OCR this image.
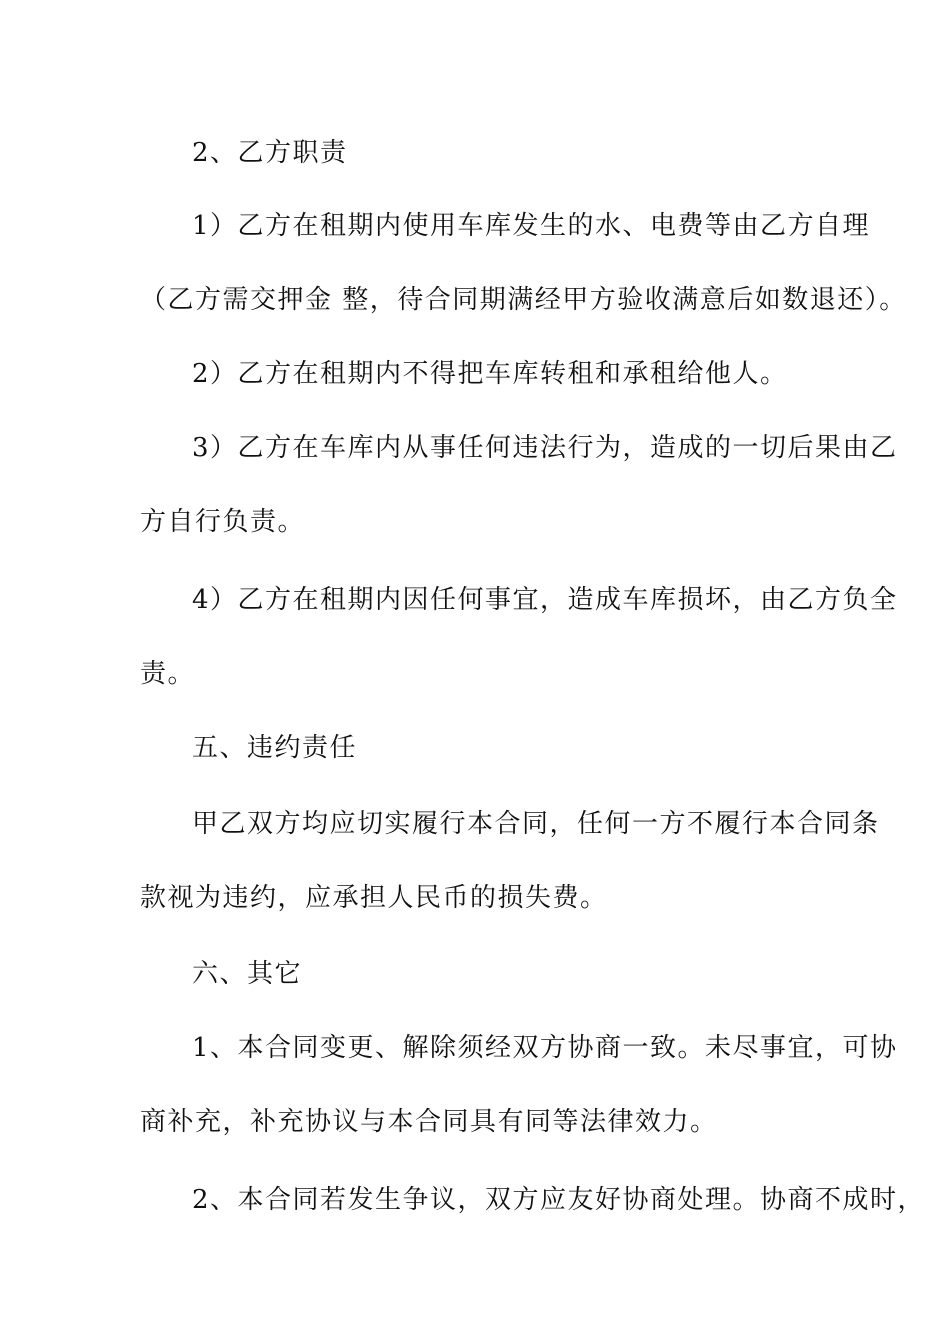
2、乙方职责

1）乙方在租期内使用车库发生的水、电费等由乙方自理

（乙方需交押金 整，待合同期满经甲方验收满意后如数退还）。

2）乙方在租期内不得把车库转租和承租给他人。

3）乙方在车库内从事任何违法行为，造成的一切后果由乙

方自行负责。

4）乙方在租期内因任何事宜，造成车库损坏，由乙方负全

责。

五、违约责任

甲乙双方均应切实履行本合同，任何一方不履行本合同条

款视为违约，应承担人民币的损失费。

六、其它

1、本合同变更、解除须经双方协商一致。未尽事宜，可协

商补充，补充协议与本合同具有同等法律效力。

2、本合同若发生争议，双方应友好协商处理。协商不成时，
